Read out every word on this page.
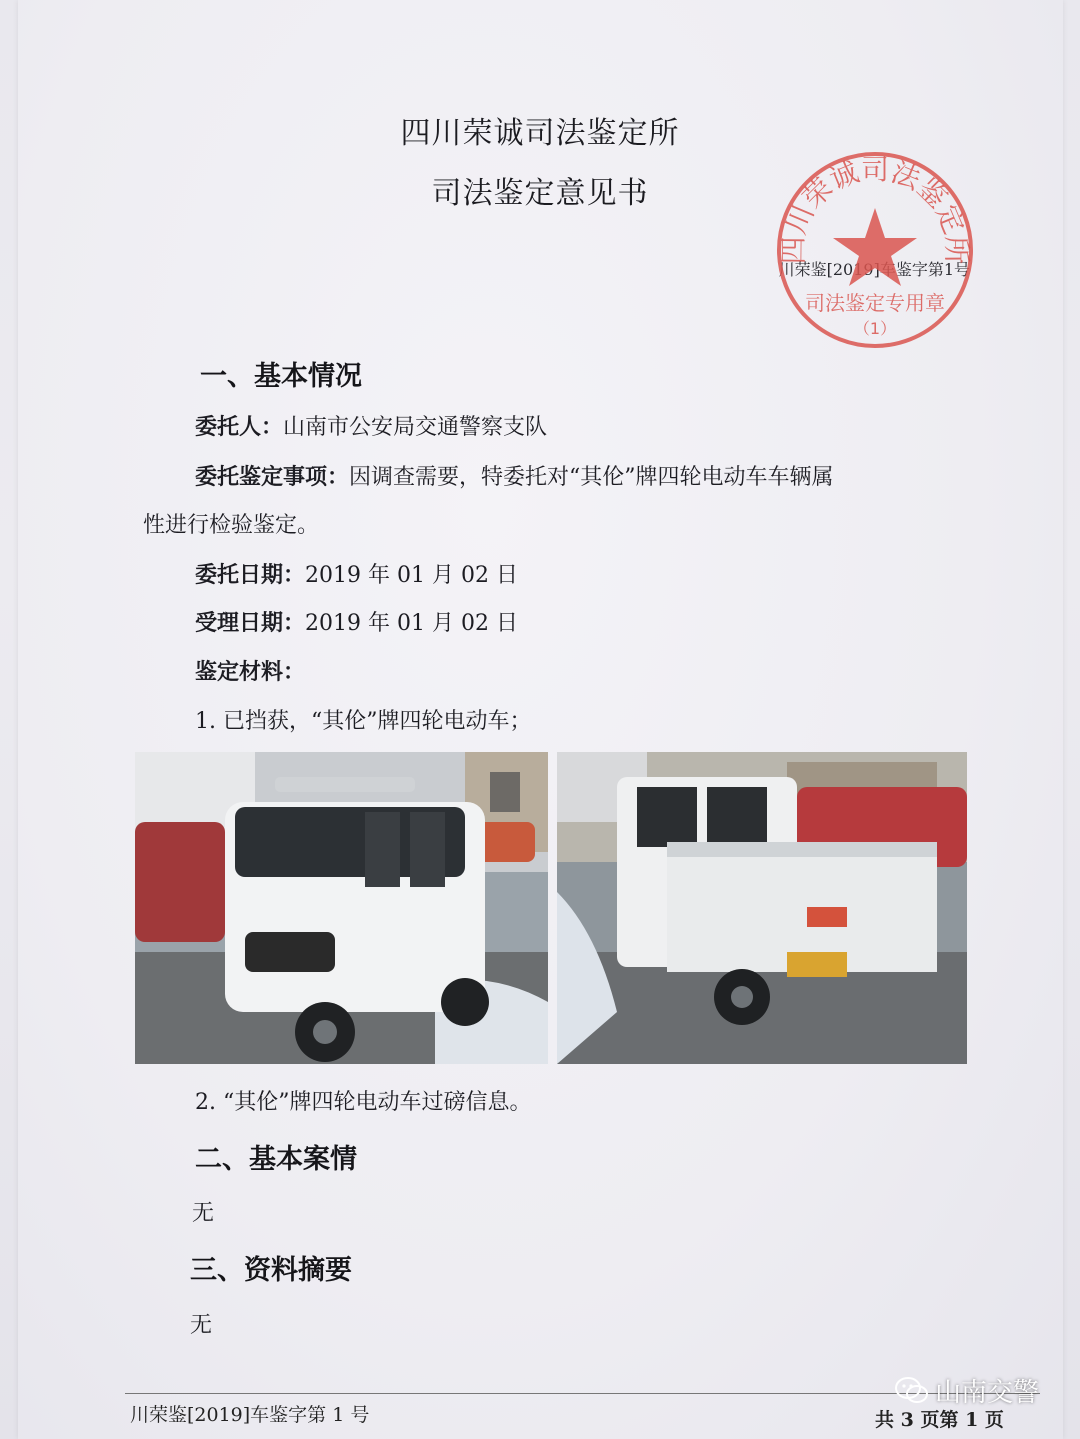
四川荣诚司法鉴定所
司法鉴定意见书
川荣鉴[2019]车鉴字第1号
四川荣诚司法鉴定所
司法鉴定专用章
（1）
一、基本情况
委托人：山南市公安局交通警察支队
委托鉴定事项：因调查需要，特委托对“其伦”牌四轮电动车车辆属
性进行检验鉴定。
委托日期：2019 年 01 月 02 日
受理日期：2019 年 01 月 02 日
鉴定材料：
1. 已挡获，“其伦”牌四轮电动车；
2. “其伦”牌四轮电动车过磅信息。
二、基本案情
无
三、资料摘要
无
川荣鉴[2019]车鉴字第 1 号	共 3 页第 1 页
山南交警
